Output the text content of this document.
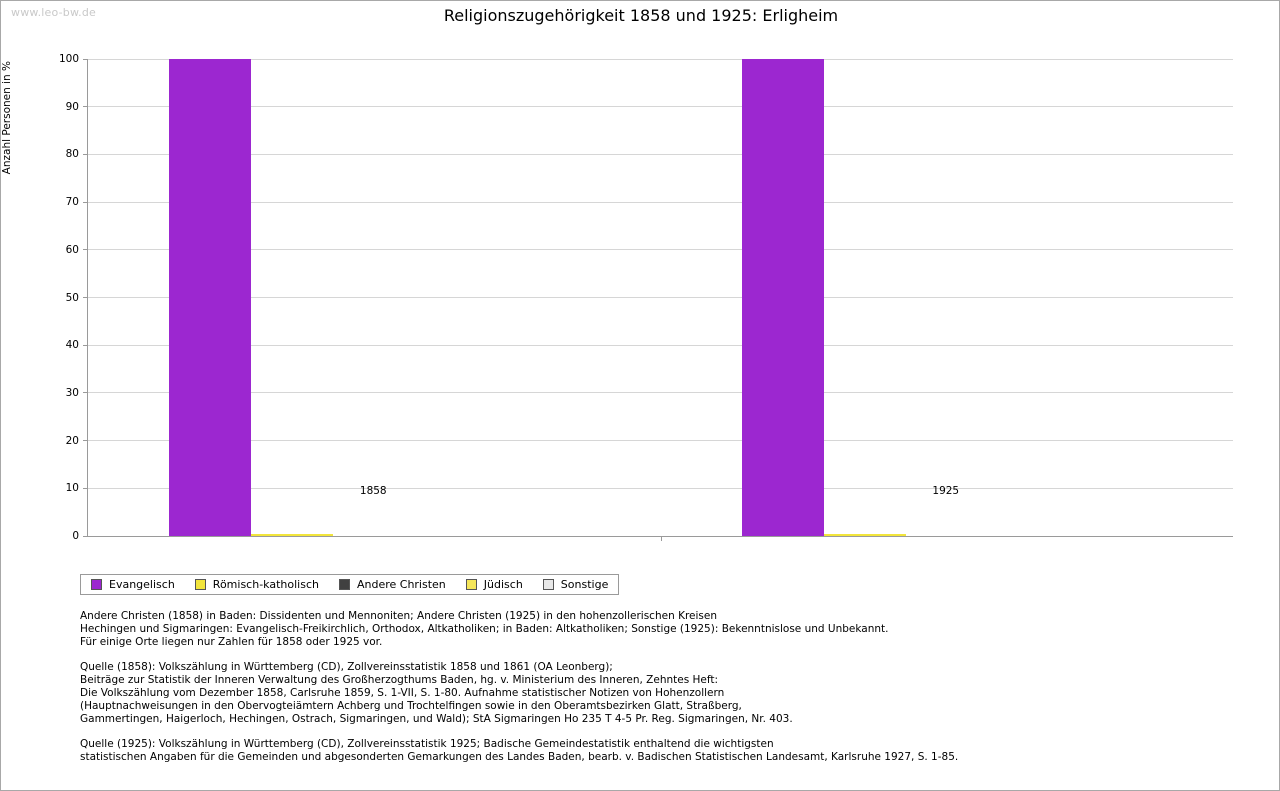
www.leo-bw.de	Religionszugehörigkeit 1858 und 1925: Erligheim
Anzahl Personen in %
0
10
20
30
40
50
60
70
80
90
100
Evangelisch	Römisch-katholisch	Andere Christen	Jüdisch	Sonstige
Andere Christen (1858) in Baden: Dissidenten und Mennoniten; Andere Christen (1925) in den hohenzollerischen Kreisen
Hechingen und Sigmaringen: Evangelisch-Freikirchlich, Orthodox, Altkatholiken; in Baden: Altkatholiken; Sonstige (1925): Bekenntnislose und Unbekannt.
Für einige Orte liegen nur Zahlen für 1858 oder 1925 vor.
Quelle (1858): Volkszählung in Württemberg (CD), Zollvereinsstatistik 1858 und 1861 (OA Leonberg);
Beiträge zur Statistik der Inneren Verwaltung des Großherzogthums Baden, hg. v. Ministerium des Inneren, Zehntes Heft:
Die Volkszählung vom Dezember 1858, Carlsruhe 1859, S. 1-VII, S. 1-80. Aufnahme statistischer Notizen von Hohenzollern
(Hauptnachweisungen in den Obervogteiämtern Achberg und Trochtelfingen sowie in den Oberamtsbezirken Glatt, Straßberg,
Gammertingen, Haigerloch, Hechingen, Ostrach, Sigmaringen, und Wald); StA Sigmaringen Ho 235 T 4-5 Pr. Reg. Sigmaringen, Nr. 403.
Quelle (1925): Volkszählung in Württemberg (CD), Zollvereinsstatistik 1925; Badische Gemeindestatistik enthaltend die wichtigsten
statistischen Angaben für die Gemeinden und abgesonderten Gemarkungen des Landes Baden, bearb. v. Badischen Statistischen Landesamt, Karlsruhe 1927, S. 1-85.
1858	1925
